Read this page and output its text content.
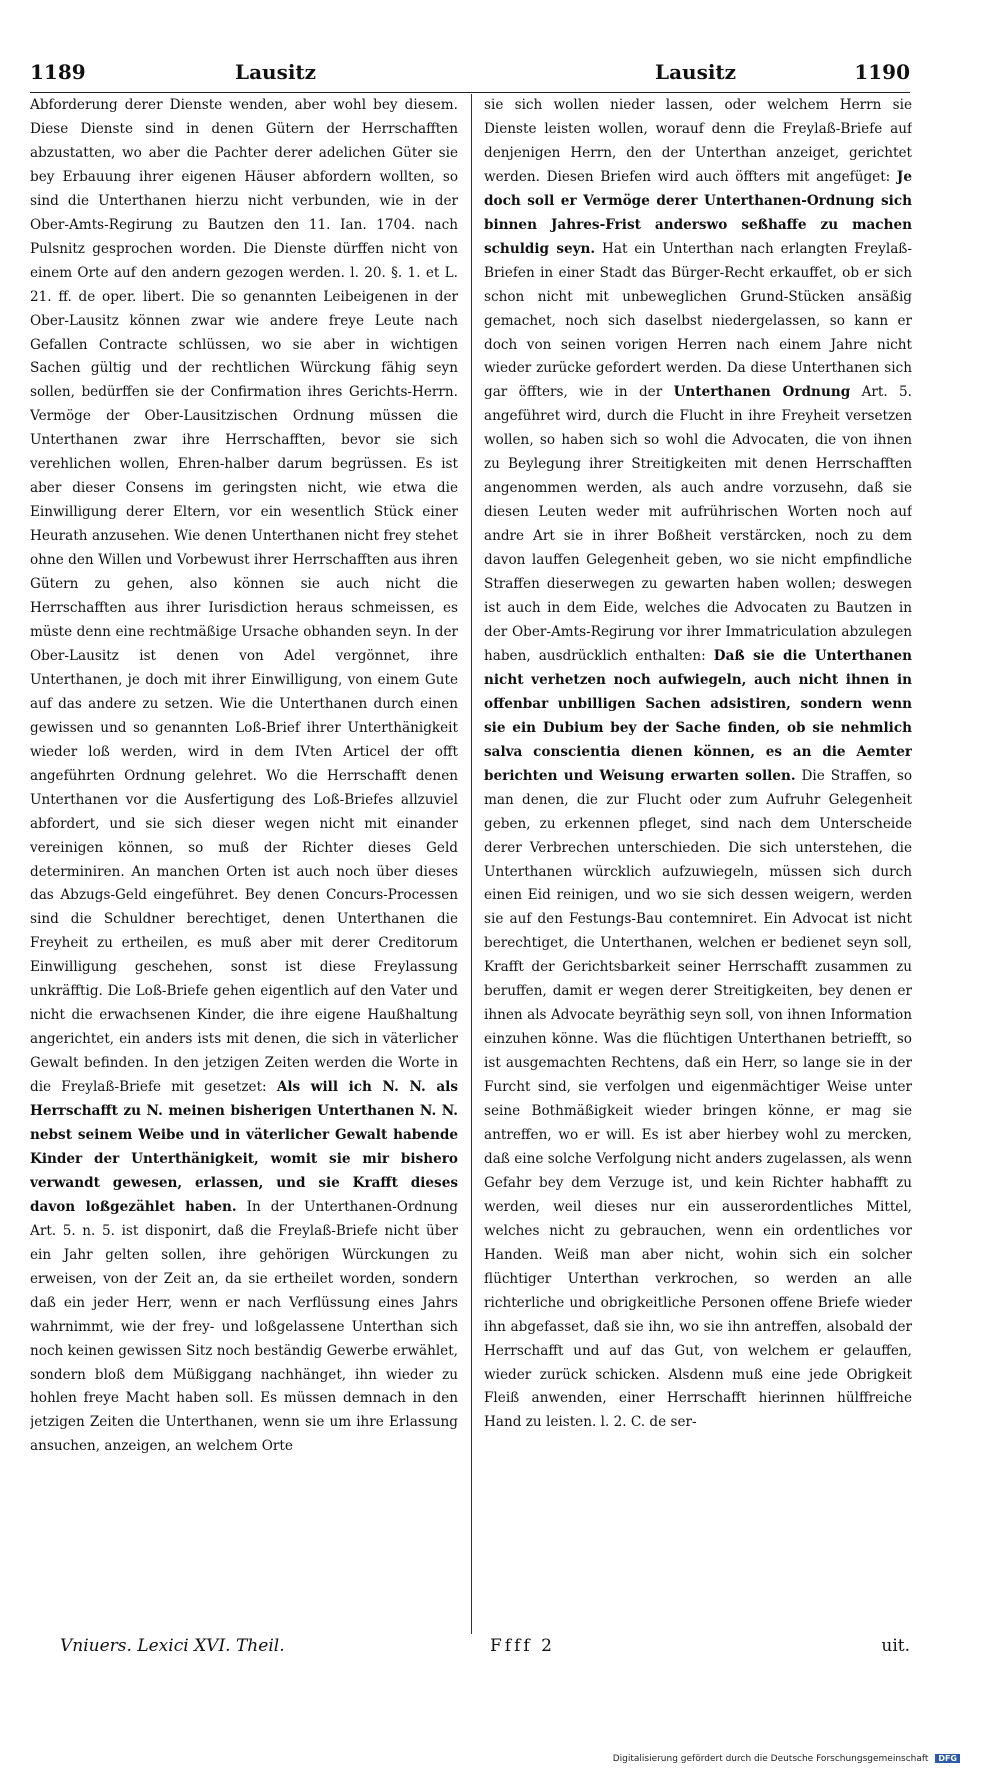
1189	Lausitz	Lausitz	1190

Abforderung derer Dienste wenden, aber wohl bey diesem. Diese Dienste sind in denen Gütern der Herrschafften abzustatten, wo aber die Pachter derer adelichen Güter sie bey Erbauung ihrer eigenen Häuser abfordern wollten, so sind die Unterthanen hierzu nicht verbunden, wie in der Ober-Amts-Regirung zu Bautzen den 11. Ian. 1704. nach Pulsnitz gesprochen worden. Die Dienste dürffen nicht von einem Orte auf den andern gezogen werden. l. 20. §. 1. et L. 21. ff. de oper. libert. Die so genannten Leibeigenen in der Ober-Lausitz können zwar wie andere freye Leute nach Gefallen Contracte schlüssen, wo sie aber in wichtigen Sachen gültig und der rechtlichen Würckung fähig seyn sollen, bedürffen sie der Confirmation ihres Gerichts-Herrn. Vermöge der Ober-Lausitzischen Ordnung müssen die Unterthanen zwar ihre Herrschafften, bevor sie sich verehlichen wollen, Ehren-halber darum begrüssen. Es ist aber dieser Consens im geringsten nicht, wie etwa die Einwilligung derer Eltern, vor ein wesentlich Stück einer Heurath anzusehen. Wie denen Unterthanen nicht frey stehet ohne den Willen und Vorbewust ihrer Herrschafften aus ihren Gütern zu gehen, also können sie auch nicht die Herrschafften aus ihrer Iurisdiction heraus schmeissen, es müste denn eine rechtmäßige Ursache obhanden seyn. In der Ober-Lausitz ist denen von Adel vergönnet, ihre Unterthanen, je doch mit ihrer Einwilligung, von einem Gute auf das andere zu setzen. Wie die Unterthanen durch einen gewissen und so genannten Loß-Brief ihrer Unterthänigkeit wieder loß werden, wird in dem IVten Articel der offt angeführten Ordnung gelehret. Wo die Herrschafft denen Unterthanen vor die Ausfertigung des Loß-Briefes allzuviel abfordert, und sie sich dieser wegen nicht mit einander vereinigen können, so muß der Richter dieses Geld determiniren. An manchen Orten ist auch noch über dieses das Abzugs-Geld eingeführet. Bey denen Concurs-Processen sind die Schuldner berechtiget, denen Unterthanen die Freyheit zu ertheilen, es muß aber mit derer Creditorum Einwilligung geschehen, sonst ist diese Freylassung unkräfftig. Die Loß-Briefe gehen eigentlich auf den Vater und nicht die erwachsenen Kinder, die ihre eigene Haußhaltung angerichtet, ein anders ists mit denen, die sich in väterlicher Gewalt befinden. In den jetzigen Zeiten werden die Worte in die Freylaß-Briefe mit gesetzet: Als will ich N. N. als Herrschafft zu N. meinen bisherigen Unterthanen N. N. nebst seinem Weibe und in väterlicher Gewalt habende Kinder der Unterthänigkeit, womit sie mir bishero verwandt gewesen, erlassen, und sie Krafft dieses davon loßgezählet haben. In der Unterthanen-Ordnung Art. 5. n. 5. ist disponirt, daß die Freylaß-Briefe nicht über ein Jahr gelten sollen, ihre gehörigen Würckungen zu erweisen, von der Zeit an, da sie ertheilet worden, sondern daß ein jeder Herr, wenn er nach Verflüssung eines Jahrs wahrnimmt, wie der frey- und loßgelassene Unterthan sich noch keinen gewissen Sitz noch beständig Gewerbe erwählet, sondern bloß dem Müßiggang nachhänget, ihn wieder zu hohlen freye Macht haben soll. Es müssen demnach in den jetzigen Zeiten die Unterthanen, wenn sie um ihre Erlassung ansuchen, anzeigen, an welchem Orte

sie sich wollen nieder lassen, oder welchem Herrn sie Dienste leisten wollen, worauf denn die Freylaß-Briefe auf denjenigen Herrn, den der Unterthan anzeiget, gerichtet werden. Diesen Briefen wird auch öffters mit angefüget: Je doch soll er Vermöge derer Unterthanen-Ordnung sich binnen Jahres-Frist anderswo seßhaffe zu machen schuldig seyn. Hat ein Unterthan nach erlangten Freylaß-Briefen in einer Stadt das Bürger-Recht erkauffet, ob er sich schon nicht mit unbeweglichen Grund-Stücken ansäßig gemachet, noch sich daselbst niedergelassen, so kann er doch von seinen vorigen Herren nach einem Jahre nicht wieder zurücke gefordert werden. Da diese Unterthanen sich gar öffters, wie in der Unterthanen Ordnung Art. 5. angeführet wird, durch die Flucht in ihre Freyheit versetzen wollen, so haben sich so wohl die Advocaten, die von ihnen zu Beylegung ihrer Streitigkeiten mit denen Herrschafften angenommen werden, als auch andre vorzusehn, daß sie diesen Leuten weder mit aufrührischen Worten noch auf andre Art sie in ihrer Boßheit verstärcken, noch zu dem davon lauffen Gelegenheit geben, wo sie nicht empfindliche Straffen dieserwegen zu gewarten haben wollen; deswegen ist auch in dem Eide, welches die Advocaten zu Bautzen in der Ober-Amts-Regirung vor ihrer Immatriculation abzulegen haben, ausdrücklich enthalten: Daß sie die Unterthanen nicht verhetzen noch aufwiegeln, auch nicht ihnen in offenbar unbilligen Sachen adsistiren, sondern wenn sie ein Dubium bey der Sache finden, ob sie nehmlich salva conscientia dienen können, es an die Aemter berichten und Weisung erwarten sollen. Die Straffen, so man denen, die zur Flucht oder zum Aufruhr Gelegenheit geben, zu erkennen pfleget, sind nach dem Unterscheide derer Verbrechen unterschieden. Die sich unterstehen, die Unterthanen würcklich aufzuwiegeln, müssen sich durch einen Eid reinigen, und wo sie sich dessen weigern, werden sie auf den Festungs-Bau contemniret. Ein Advocat ist nicht berechtiget, die Unterthanen, welchen er bedienet seyn soll, Krafft der Gerichtsbarkeit seiner Herrschafft zusammen zu beruffen, damit er wegen derer Streitigkeiten, bey denen er ihnen als Advocate beyräthig seyn soll, von ihnen Information einzuhen könne. Was die flüchtigen Unterthanen betriefft, so ist ausgemachten Rechtens, daß ein Herr, so lange sie in der Furcht sind, sie verfolgen und eigenmächtiger Weise unter seine Bothmäßigkeit wieder bringen könne, er mag sie antreffen, wo er will. Es ist aber hierbey wohl zu mercken, daß eine solche Verfolgung nicht anders zugelassen, als wenn Gefahr bey dem Verzuge ist, und kein Richter habhafft zu werden, weil dieses nur ein ausserordentliches Mittel, welches nicht zu gebrauchen, wenn ein ordentliches vor Handen. Weiß man aber nicht, wohin sich ein solcher flüchtiger Unterthan verkrochen, so werden an alle richterliche und obrigkeitliche Personen offene Briefe wieder ihn abgefasset, daß sie ihn, wo sie ihn antreffen, alsobald der Herrschafft und auf das Gut, von welchem er gelauffen, wieder zurück schicken. Alsdenn muß eine jede Obrigkeit Fleiß anwenden, einer Herrschafft hierinnen hülffreiche Hand zu leisten. l. 2. C. de ser-

Vniuers. Lexici XVI. Theil.	Ffff 2	uit.
Digitalisierung gefördert durch die Deutsche Forschungsgemeinschaft DFG
